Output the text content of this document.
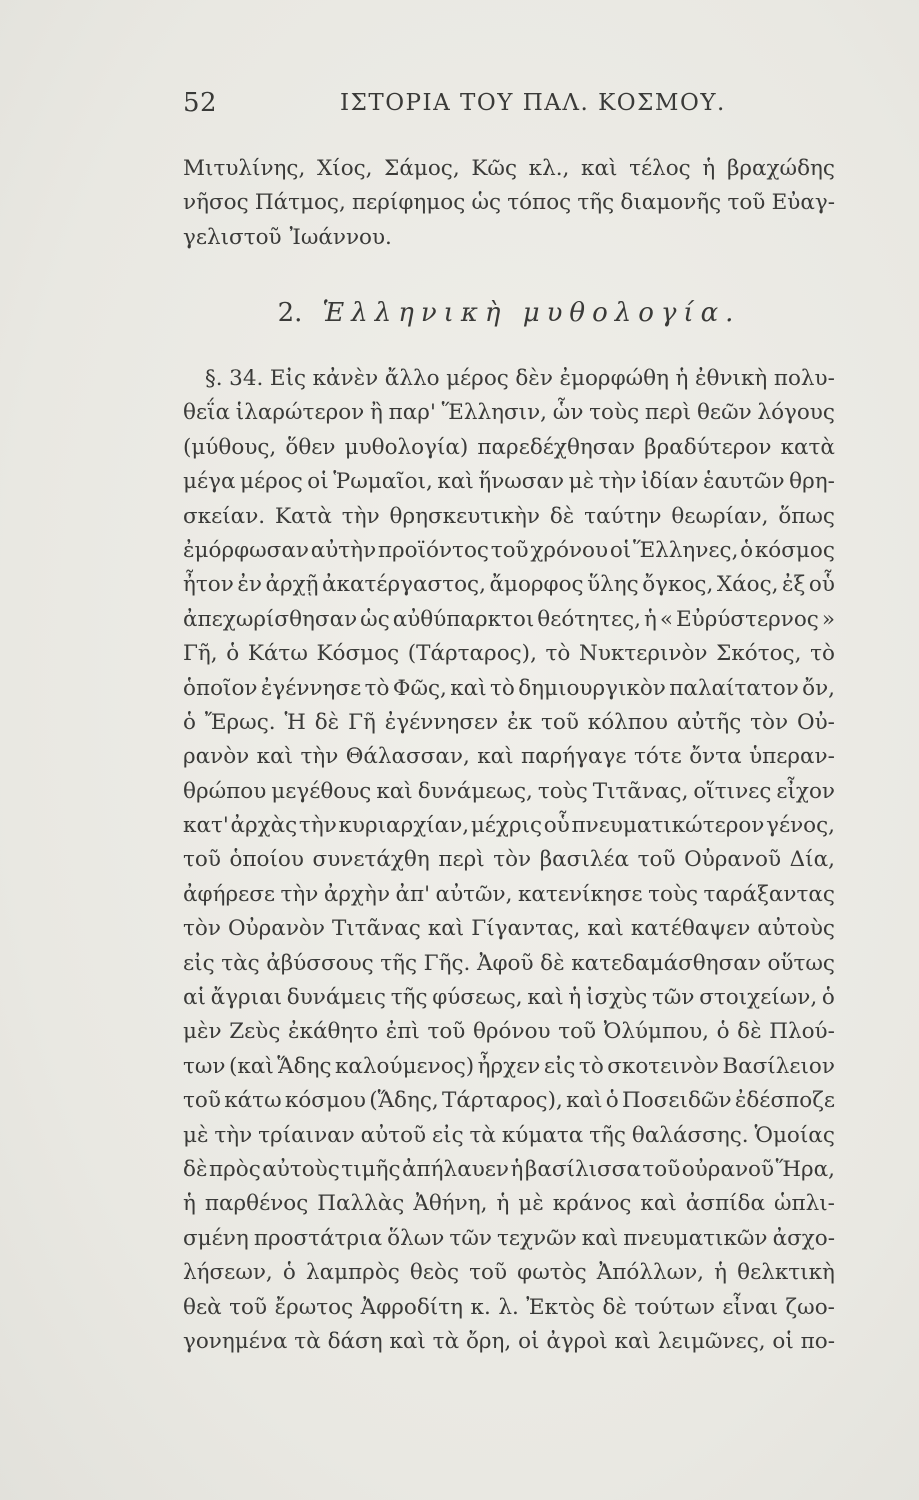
52	ΙΣΤΟΡΙΑ ΤΟΥ ΠΑΛ. ΚΟΣΜΟΥ.
Μιτυλίνης, Χίος, Σάμος, Κῶς κλ., καὶ τέλος ἡ βραχώδης
νῆσος Πάτμος, περίφημος ὡς τόπος τῆς διαμονῆς τοῦ Εὐαγ-
γελιστοῦ Ἰωάννου.
2. Ἑλληνικὴ μυθολογία.
§. 34. Εἰς κἀνὲν ἄλλο μέρος δὲν ἐμορφώθη ἡ ἐθνικὴ πολυ-
θεΐα ἱλαρώτερον ἢ παρ' Ἕλλησιν, ὧν τοὺς περὶ θεῶν λόγους
(μύθους, ὅθεν μυθολογία) παρεδέχθησαν βραδύτερον κατὰ
μέγα μέρος οἱ Ῥωμαῖοι, καὶ ἥνωσαν μὲ τὴν ἰδίαν ἑαυτῶν θρη-
σκείαν. Κατὰ τὴν θρησκευτικὴν δὲ ταύτην θεωρίαν, ὅπως
ἐμόρφωσαν αὐτὴν προϊόντος τοῦ χρόνου οἱ Ἕλληνες, ὁ κόσμος
ἦτον ἐν ἀρχῇ ἀκατέργαστος, ἄμορφος ὕλης ὄγκος, Χάος, ἐξ οὗ
ἀπεχωρίσθησαν ὡς αὐθύπαρκτοι θεότητες, ἡ « Εὐρύστερνος »
Γῆ, ὁ Κάτω Κόσμος (Τάρταρος), τὸ Νυκτερινὸν Σκότος, τὸ
ὁποῖον ἐγέννησε τὸ Φῶς, καὶ τὸ δημιουργικὸν παλαίτατον ὄν,
ὁ Ἔρως. Ἡ δὲ Γῆ ἐγέννησεν ἐκ τοῦ κόλπου αὐτῆς τὸν Οὐ-
ρανὸν καὶ τὴν Θάλασσαν, καὶ παρήγαγε τότε ὄντα ὑπεραν-
θρώπου μεγέθους καὶ δυνάμεως, τοὺς Τιτᾶνας, οἵτινες εἶχον
κατ' ἀρχὰς τὴν κυριαρχίαν, μέχρις οὗ πνευματικώτερον γένος,
τοῦ ὁποίου συνετάχθη περὶ τὸν βασιλέα τοῦ Οὐρανοῦ Δία,
ἀφήρεσε τὴν ἀρχὴν ἀπ' αὐτῶν, κατενίκησε τοὺς ταράξαντας
τὸν Οὐρανὸν Τιτᾶνας καὶ Γίγαντας, καὶ κατέθαψεν αὐτοὺς
εἰς τὰς ἀβύσσους τῆς Γῆς. Ἀφοῦ δὲ κατεδαμάσθησαν οὕτως
αἱ ἄγριαι δυνάμεις τῆς φύσεως, καὶ ἡ ἰσχὺς τῶν στοιχείων, ὁ
μὲν Ζεὺς ἐκάθητο ἐπὶ τοῦ θρόνου τοῦ Ὀλύμπου, ὁ δὲ Πλού-
των (καὶ Ἅδης καλούμενος) ἦρχεν εἰς τὸ σκοτεινὸν Βασίλειον
τοῦ κάτω κόσμου (Ἅδης, Τάρταρος), καὶ ὁ Ποσειδῶν ἐδέσποζε
μὲ τὴν τρίαιναν αὐτοῦ εἰς τὰ κύματα τῆς θαλάσσης. Ὁμοίας
δὲ πρὸς αὐτοὺς τιμῆς ἀπήλαυεν ἡ βασίλισσα τοῦ οὐρανοῦ Ἥρα,
ἡ παρθένος Παλλὰς Ἀθήνη, ἡ μὲ κράνος καὶ ἀσπίδα ὡπλι-
σμένη προστάτρια ὅλων τῶν τεχνῶν καὶ πνευματικῶν ἀσχο-
λήσεων, ὁ λαμπρὸς θεὸς τοῦ φωτὸς Ἀπόλλων, ἡ θελκτικὴ
θεὰ τοῦ ἔρωτος Ἀφροδίτη κ. λ. Ἐκτὸς δὲ τούτων εἶναι ζωο-
γονημένα τὰ δάση καὶ τὰ ὄρη, οἱ ἀγροὶ καὶ λειμῶνες, οἱ πο-
